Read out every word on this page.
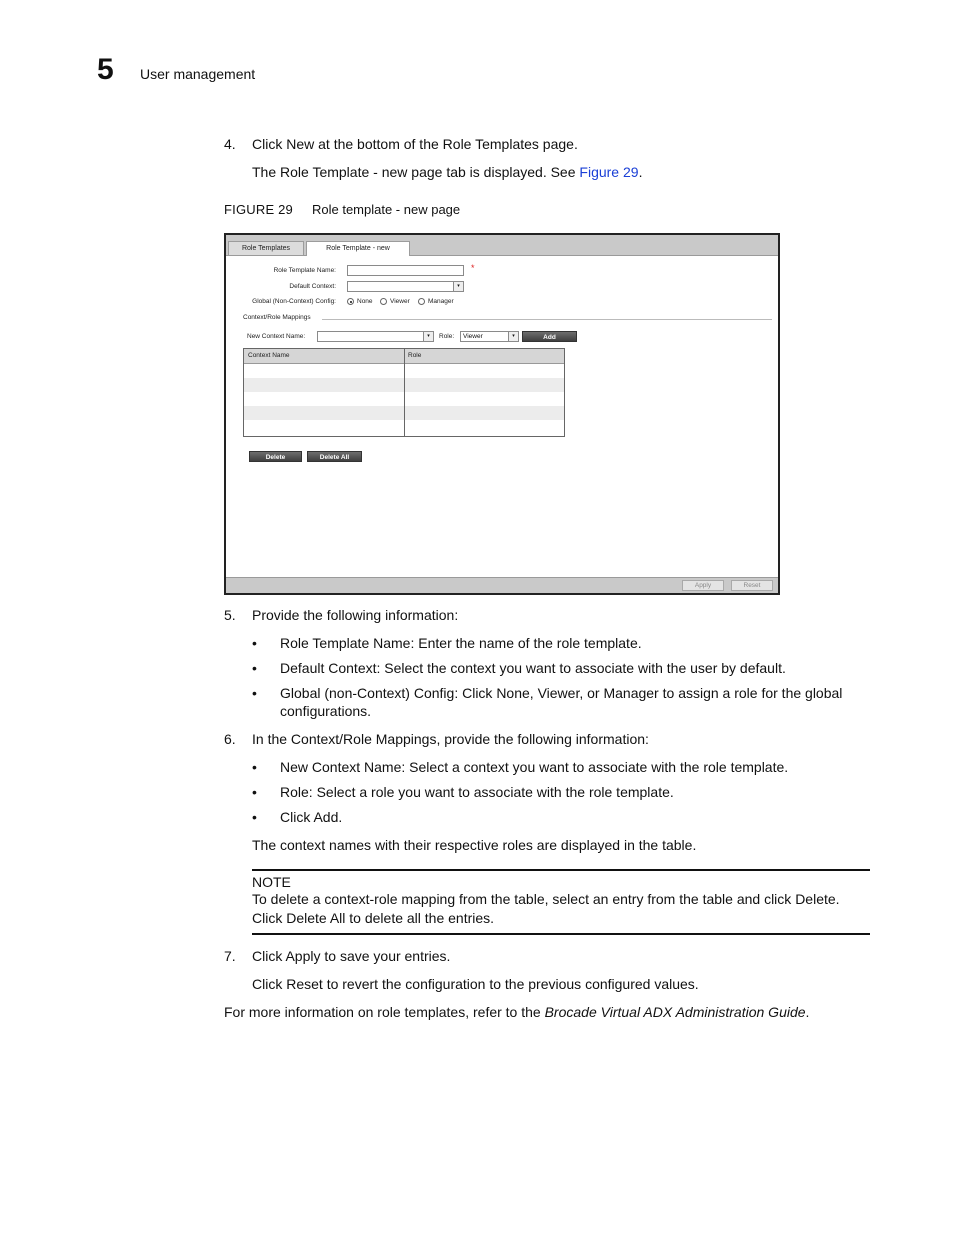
5 User management
4. Click New at the bottom of the Role Templates page.
The Role Template - new page tab is displayed. See Figure 29.
FIGURE 29 Role template - new page
Role Templates	Role Template - new
Role Template Name:	*
Default Context:	▾
Global (Non-Context) Config:	None	Viewer	Manager
Context/Role Mappings
New Context Name:	▾	Role:	Viewer	▾	Add
Context Name	Role
Delete	Delete All
Apply	Reset
5. Provide the following information:
• Role Template Name: Enter the name of the role template.
• Default Context: Select the context you want to associate with the user by default.
• Global (non-Context) Config: Click None, Viewer, or Manager to assign a role for the global
configurations.
6. In the Context/Role Mappings, provide the following information:
• New Context Name: Select a context you want to associate with the role template.
• Role: Select a role you want to associate with the role template.
• Click Add.
The context names with their respective roles are displayed in the table.
NOTE
To delete a context-role mapping from the table, select an entry from the table and click Delete.
Click Delete All to delete all the entries.
7. Click Apply to save your entries.
Click Reset to revert the configuration to the previous configured values.
For more information on role templates, refer to the Brocade Virtual ADX Administration Guide.
